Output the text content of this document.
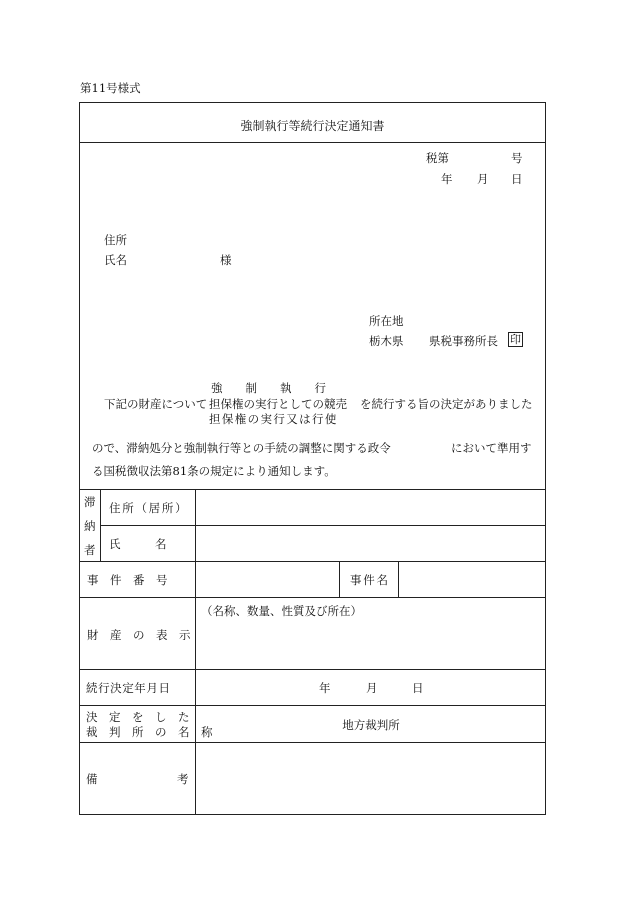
第11号様式
強制執行等続行決定通知書
税第	号
年 月 日
住所
氏名	様
所在地
栃木県 県税事務所長 印
強　　制　　執　　行
下記の財産について 担保権の実行としての競売 を続行する旨の決定がありました
担保権の実行又は行使
ので、滞納処分と強制執行等との手続の調整に関する政令	において準用す
る国税徴収法第81条の規定により通知します。
滞
納
者
住所（居所）
氏　　　名
事　件　番　号	事件名
財　産　の　表　示
（名称、数量、性質及び所在）
続行決定年月日	年	月	日
決　定　を　し　た
裁　判　所　の　名　称	地方裁判所
備	考
